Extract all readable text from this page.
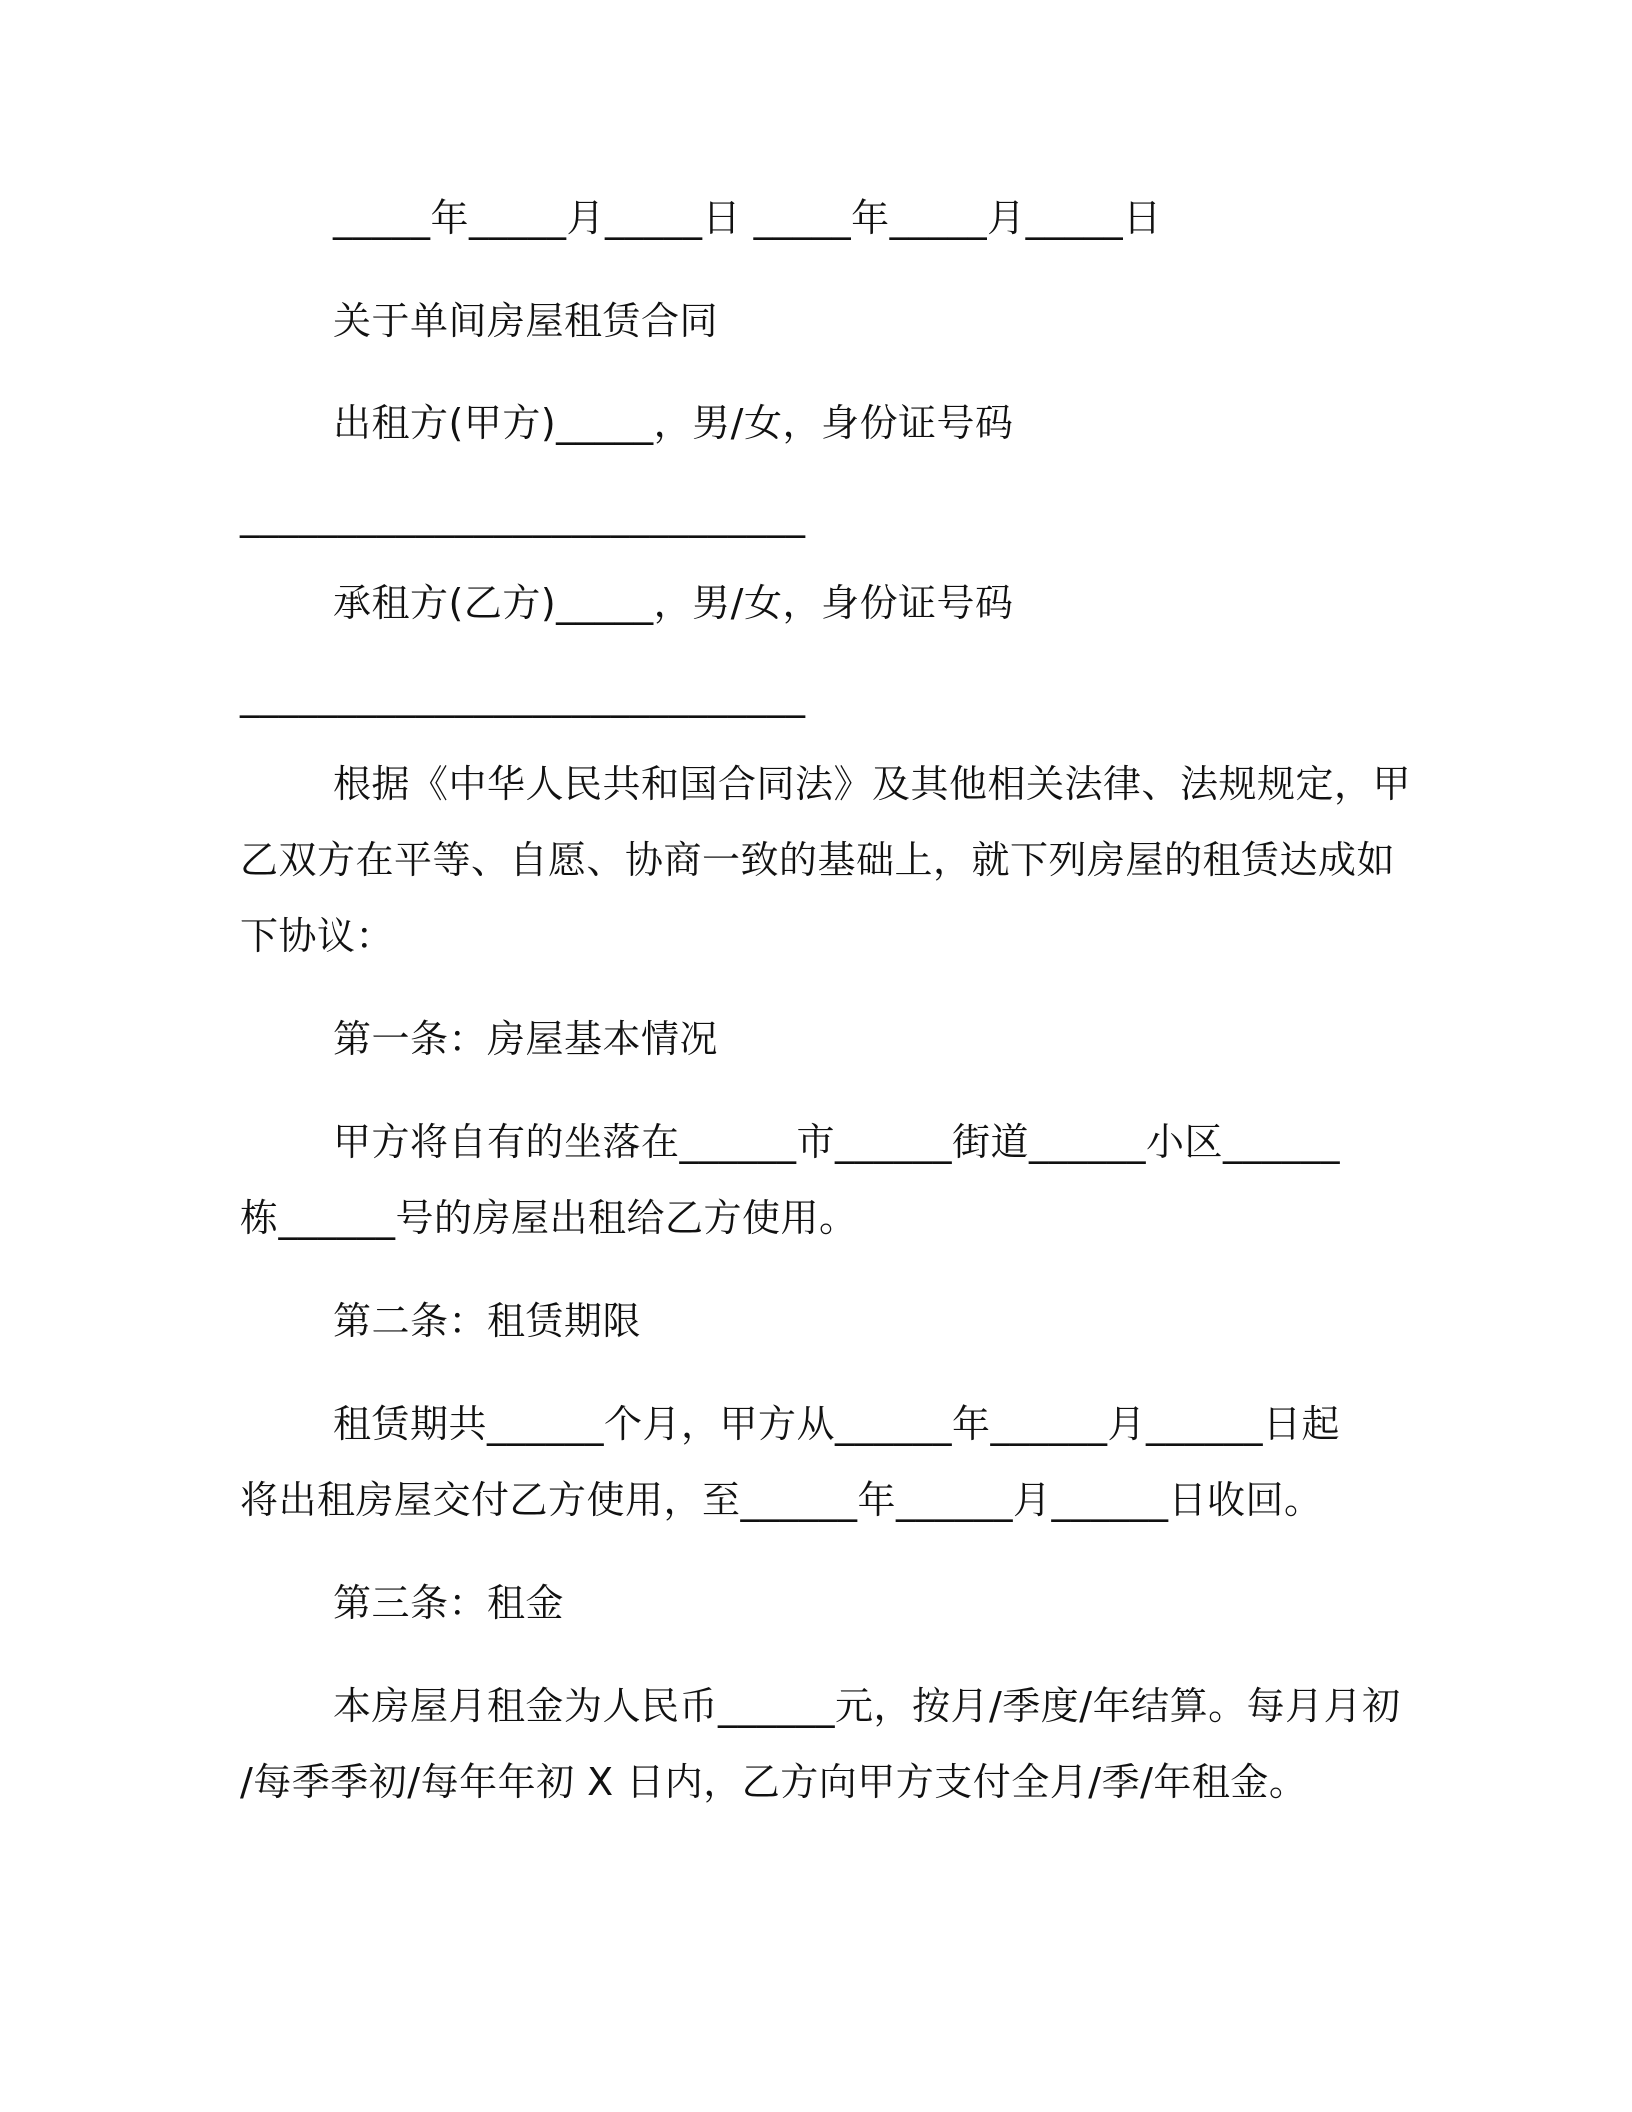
_____年_____月_____日 _____年_____月_____日
关于单间房屋租赁合同
出租方(甲方)_____，男/女，身份证号码
_____________________________
承租方(乙方)_____，男/女，身份证号码
_____________________________
根据《中华人民共和国合同法》及其他相关法律、法规规定，甲
乙双方在平等、自愿、协商一致的基础上，就下列房屋的租赁达成如
下协议：
第一条：房屋基本情况
甲方将自有的坐落在______市______街道______小区______
栋______号的房屋出租给乙方使用。
第二条：租赁期限
租赁期共______个月，甲方从______年______月______日起
将出租房屋交付乙方使用，至______年______月______日收回。
第三条：租金
本房屋月租金为人民币______元，按月/季度/年结算。每月月初
/每季季初/每年年初 X 日内，乙方向甲方支付全月/季/年租金。
